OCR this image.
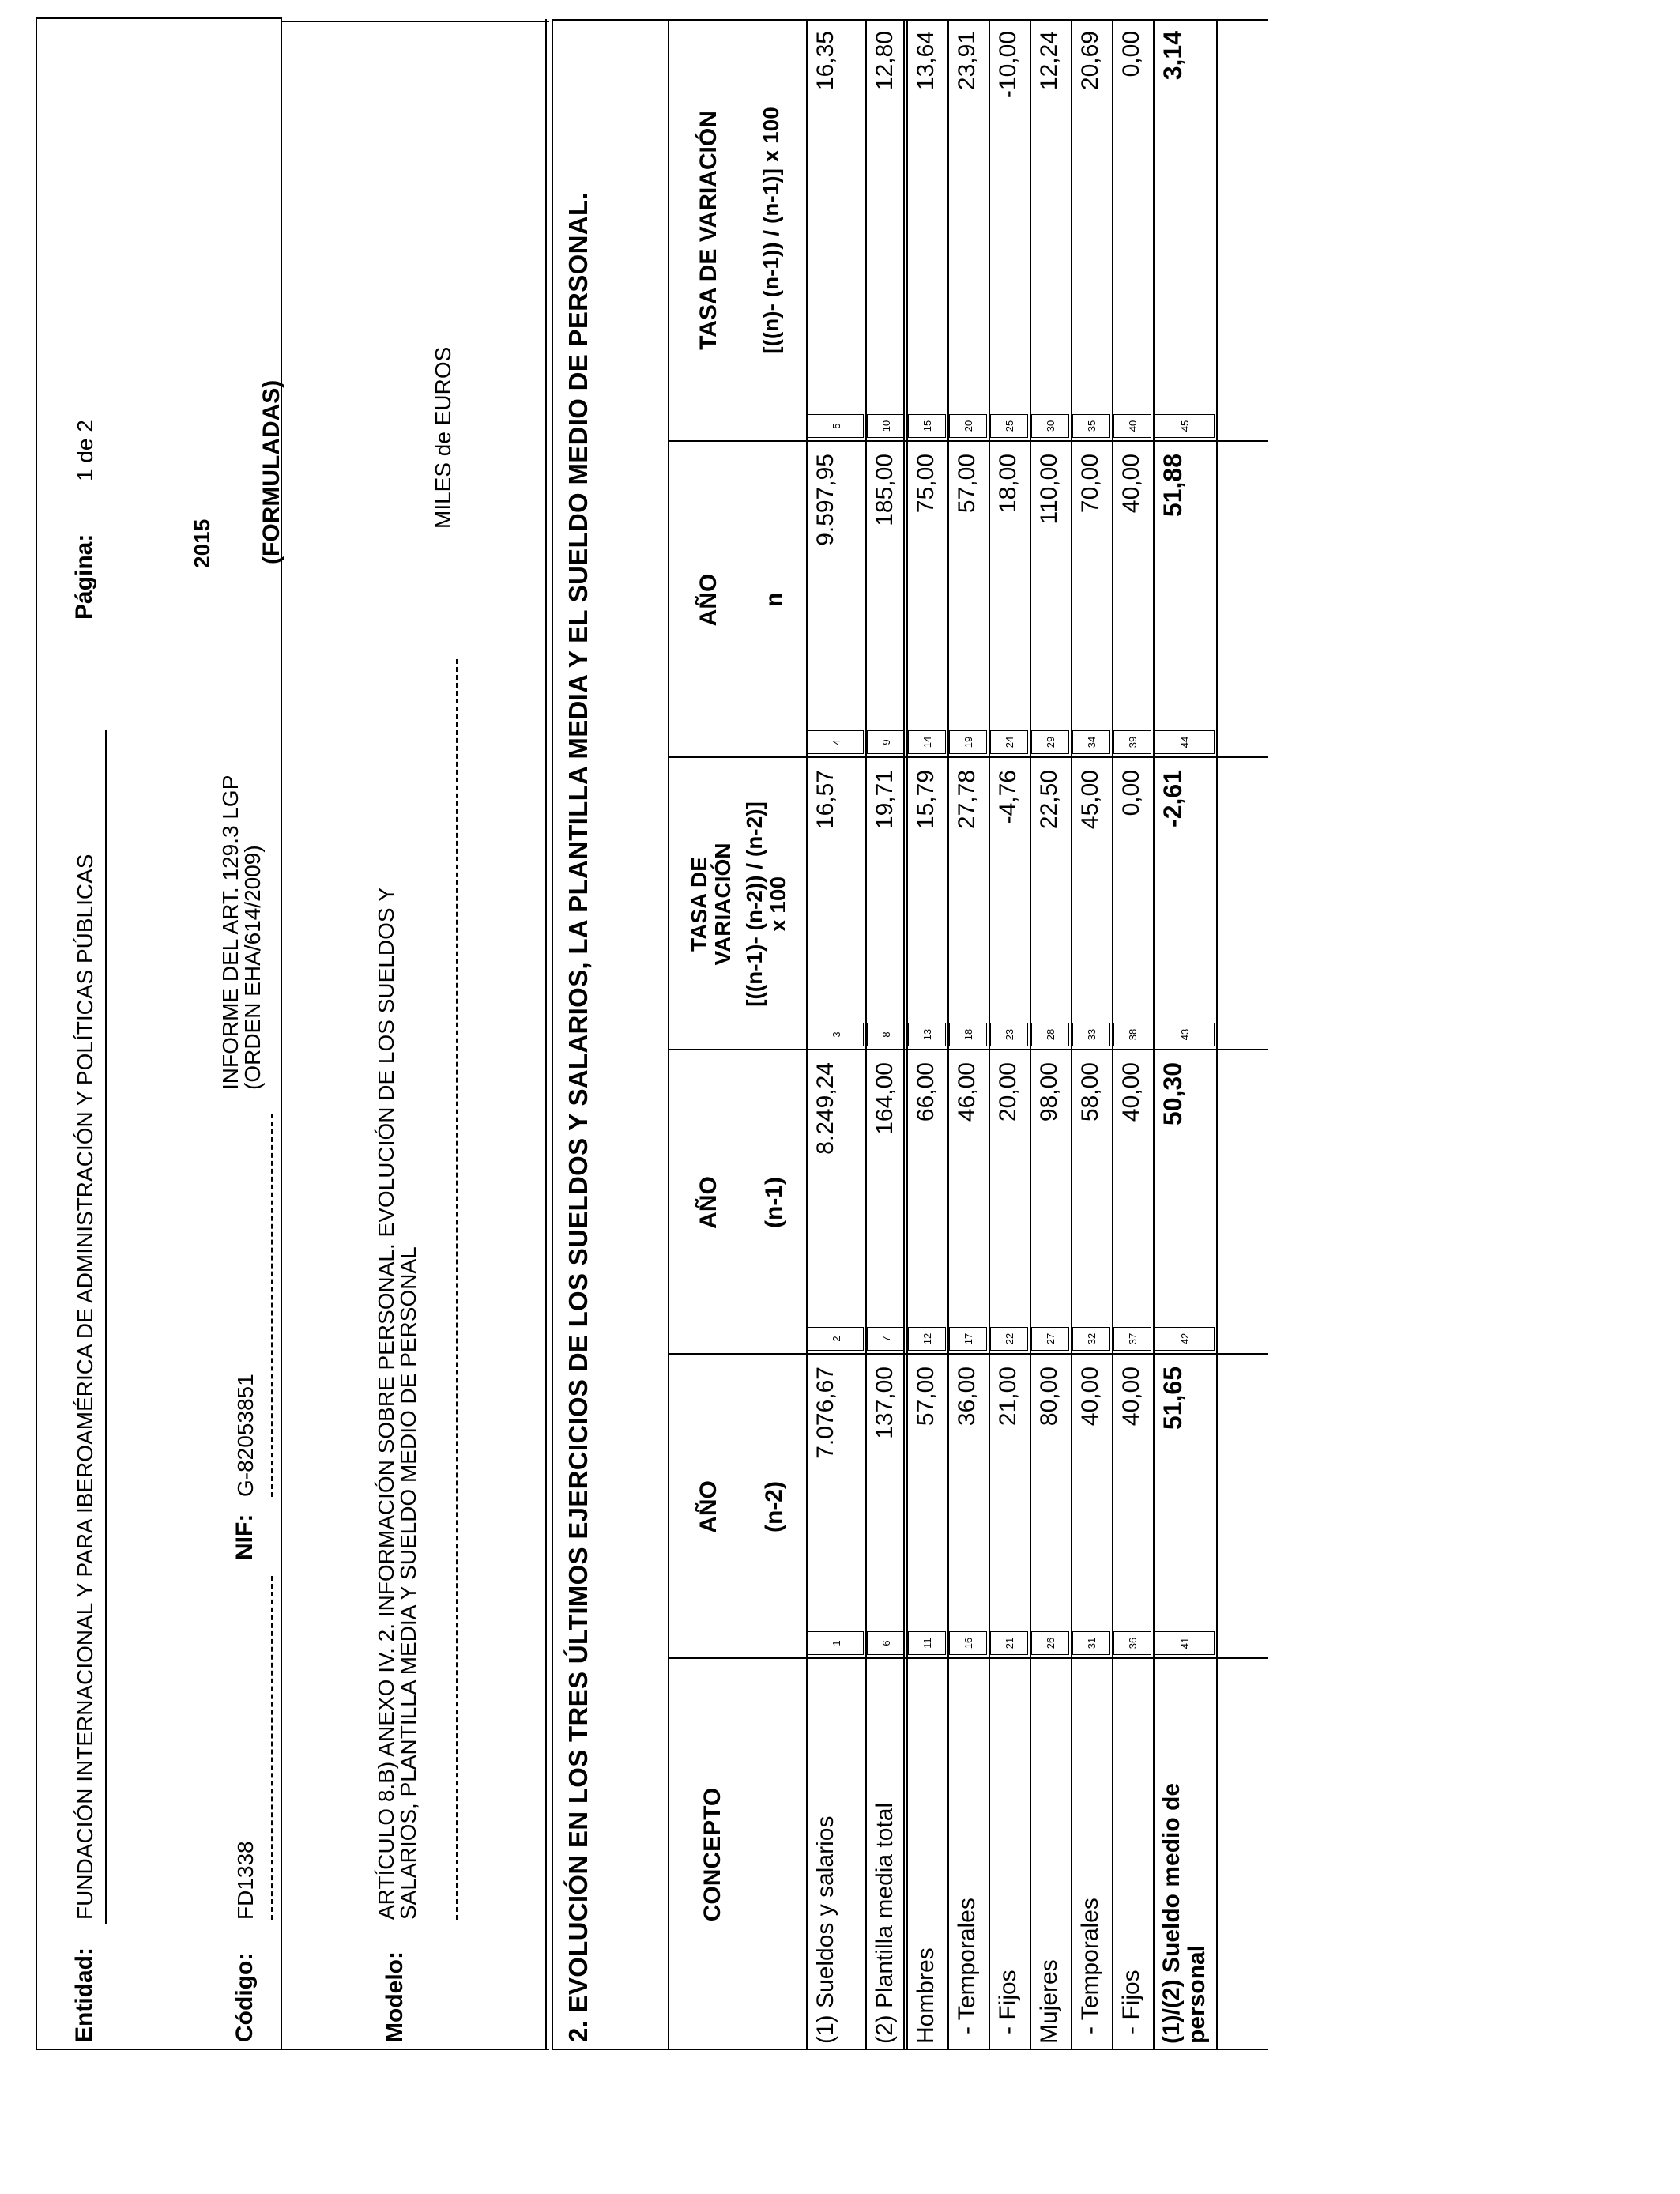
Entidad:
FUNDACIÓN INTERNACIONAL Y PARA IBEROAMÉRICA DE ADMINISTRACIÓN Y POLÍTICAS PÚBLICAS
Página:
1 de 2
Código:
FD1338
NIF:
G-82053851
INFORME DEL ART. 129.3 LGP
(ORDEN EHA/614/2009)
2015 (FORMULADAS)
Modelo:
ARTÍCULO 8.B) ANEXO IV. 2. INFORMACIÓN SOBRE PERSONAL. EVOLUCIÓN DE LOS SUELDOS Y
SALARIOS, PLANTILLA MEDIA Y SUELDO MEDIO DE PERSONAL
MILES de EUROS	2. EVOLUCIÓN EN LOS TRES ÚLTIMOS EJERCICIOS DE LOS SUELDOS Y SALARIOS, LA PLANTILLA MEDIA Y EL SUELDO MEDIO DE PERSONAL.	CONCEPTO
AÑO (n-2)
AÑO (n-1)
TASA DE VARIACIÓN [((n-1)- (n-2)) / (n-2)] x 100
AÑO n
TASA DE VARIACIÓN [((n)- (n-1)) / (n-1)] x 100
(1) Sueldos y salarios
1
7.076,67
2
8.249,24
3
16,57
4
9.597,95
5
16,35
(2) Plantilla media total
6
137,00
7
164,00
8
19,71
9
185,00
10
12,80
Hombres
11
57,00
12
66,00
13
15,79
14
75,00
15
13,64
- Temporales
16
36,00
17
46,00
18
27,78
19
57,00
20
23,91
- Fijos
21
21,00
22
20,00
23
-4,76
24
18,00
25
-10,00
Mujeres
26
80,00
27
98,00
28
22,50
29
110,00
30
12,24
- Temporales
31
40,00
32
58,00
33
45,00
34
70,00
35
20,69
- Fijos
36
40,00
37
40,00
38
0,00
39
40,00
40
0,00
(1)/(2) Sueldo medio de personal
41
51,65
42
50,30
43
-2,61
44
51,88
45
3,14
